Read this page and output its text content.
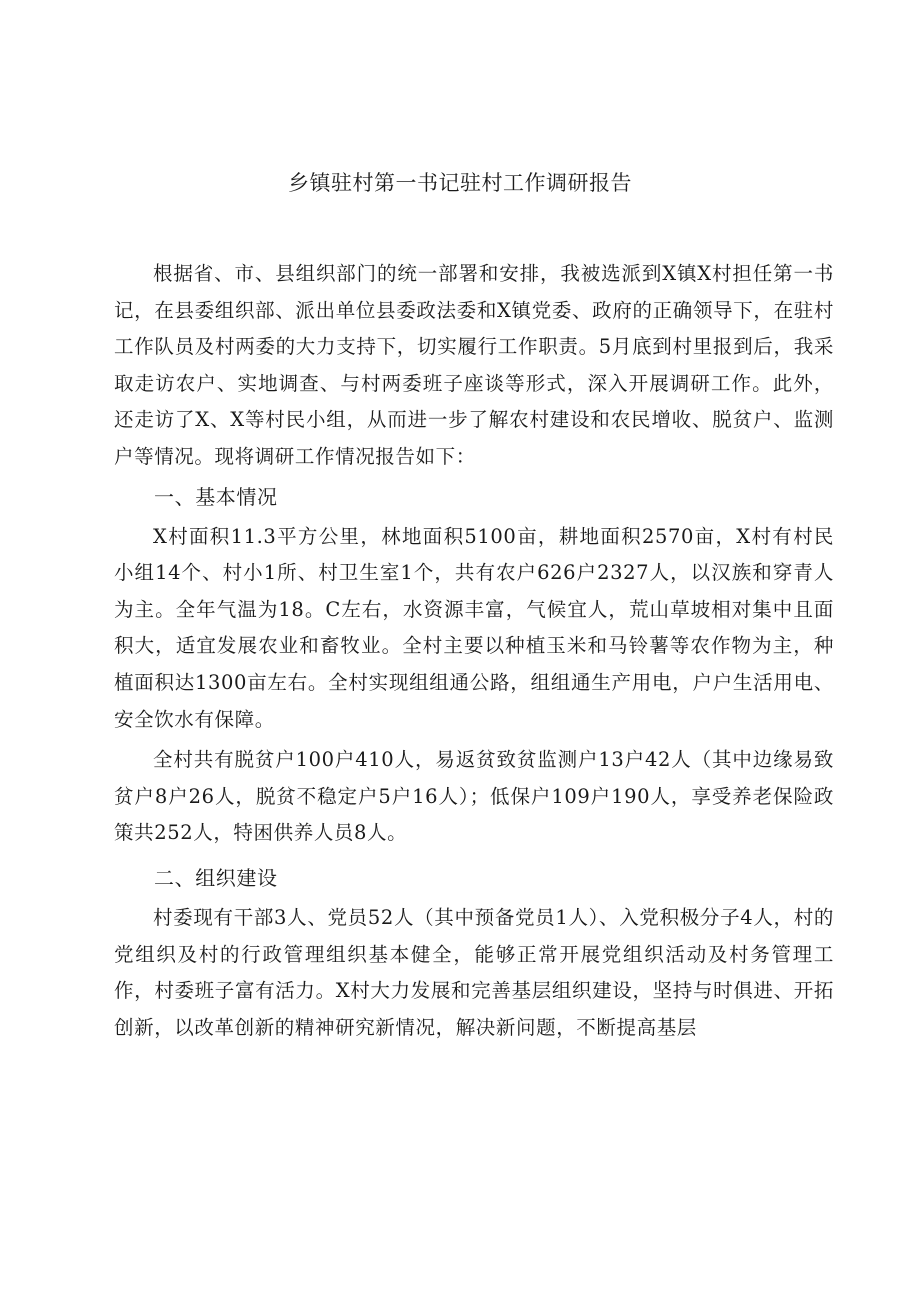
乡镇驻村第一书记驻村工作调研报告

根据省、市、县组织部门的统一部署和安排，我被选派到X镇X村担任第一书记，在县委组织部、派出单位县委政法委和X镇党委、政府的正确领导下，在驻村工作队员及村两委的大力支持下，切实履行工作职责。5月底到村里报到后，我采取走访农户、实地调查、与村两委班子座谈等形式，深入开展调研工作。此外，还走访了X、X等村民小组，从而进一步了解农村建设和农民增收、脱贫户、监测户等情况。现将调研工作情况报告如下：

一、基本情况

X村面积11.3平方公里，林地面积5100亩，耕地面积2570亩，X村有村民小组14个、村小1所、村卫生室1个，共有农户626户2327人，以汉族和穿青人为主。全年气温为18。C左右，水资源丰富，气候宜人，荒山草坡相对集中且面积大，适宜发展农业和畜牧业。全村主要以种植玉米和马铃薯等农作物为主，种植面积达1300亩左右。全村实现组组通公路，组组通生产用电，户户生活用电、安全饮水有保障。

全村共有脱贫户100户410人，易返贫致贫监测户13户42人（其中边缘易致贫户8户26人，脱贫不稳定户5户16人）；低保户109户190人，享受养老保险政策共252人，特困供养人员8人。

二、组织建设

村委现有干部3人、党员52人（其中预备党员1人）、入党积极分子4人，村的党组织及村的行政管理组织基本健全，能够正常开展党组织活动及村务管理工作，村委班子富有活力。X村大力发展和完善基层组织建设，坚持与时俱进、开拓创新，以改革创新的精神研究新情况，解决新问题，不断提高基层
